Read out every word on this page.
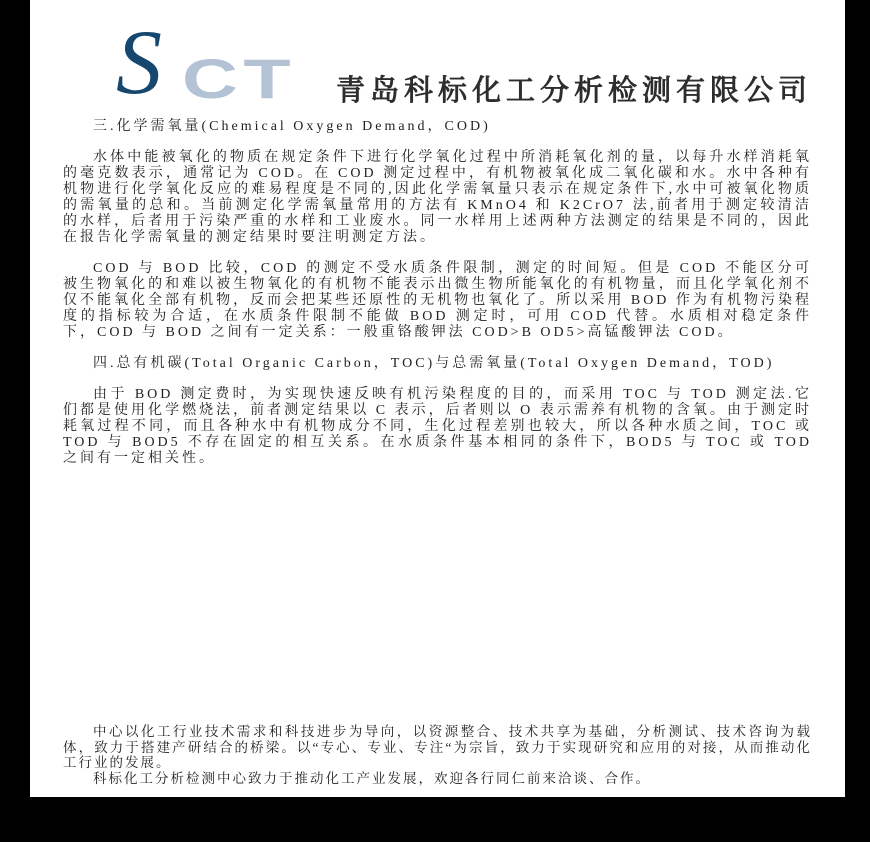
S CT 青岛科标化工分析检测有限公司

三.化学需氧量(Chemical Oxygen Demand，COD)

水体中能被氧化的物质在规定条件下进行化学氧化过程中所消耗氧化剂的量，以每升水样消耗氧的毫克数表示，通常记为 COD。在 COD 测定过程中，有机物被氧化成二氧化碳和水。水中各种有机物进行化学氧化反应的难易程度是不同的,因此化学需氧量只表示在规定条件下,水中可被氧化物质的需氧量的总和。当前测定化学需氧量常用的方法有 KMnO4 和 K2CrO7 法,前者用于测定较清洁的水样，后者用于污染严重的水样和工业废水。同一水样用上述两种方法测定的结果是不同的，因此在报告化学需氧量的测定结果时要注明测定方法。

COD 与 BOD 比较，COD 的测定不受水质条件限制，测定的时间短。但是 COD 不能区分可被生物氧化的和难以被生物氧化的有机物不能表示出微生物所能氧化的有机物量，而且化学氧化剂不仅不能氧化全部有机物，反而会把某些还原性的无机物也氧化了。所以采用 BOD 作为有机物污染程度的指标较为合适，在水质条件限制不能做 BOD 测定时，可用 COD 代替。水质相对稳定条件下，COD 与 BOD 之间有一定关系：一般重铬酸钾法 COD>B OD5>高锰酸钾法 COD。

四.总有机碳(Total Organic Carbon，TOC)与总需氧量(Total Oxygen Demand，TOD)

由于 BOD 测定费时，为实现快速反映有机污染程度的目的，而采用 TOC 与 TOD 测定法.它们都是使用化学燃烧法，前者测定结果以 C 表示，后者则以 O 表示需养有机物的含氧。由于测定时耗氧过程不同，而且各种水中有机物成分不同，生化过程差别也较大，所以各种水质之间，TOC 或 TOD 与 BOD5 不存在固定的相互关系。在水质条件基本相同的条件下，BOD5 与 TOC 或 TOD 之间有一定相关性。

中心以化工行业技术需求和科技进步为导向，以资源整合、技术共享为基础，分析测试、技术咨询为载体，致力于搭建产研结合的桥梁。以“专心、专业、专注“为宗旨，致力于实现研究和应用的对接，从而推动化工行业的发展。

科标化工分析检测中心致力于推动化工产业发展，欢迎各行同仁前来洽谈、合作。
